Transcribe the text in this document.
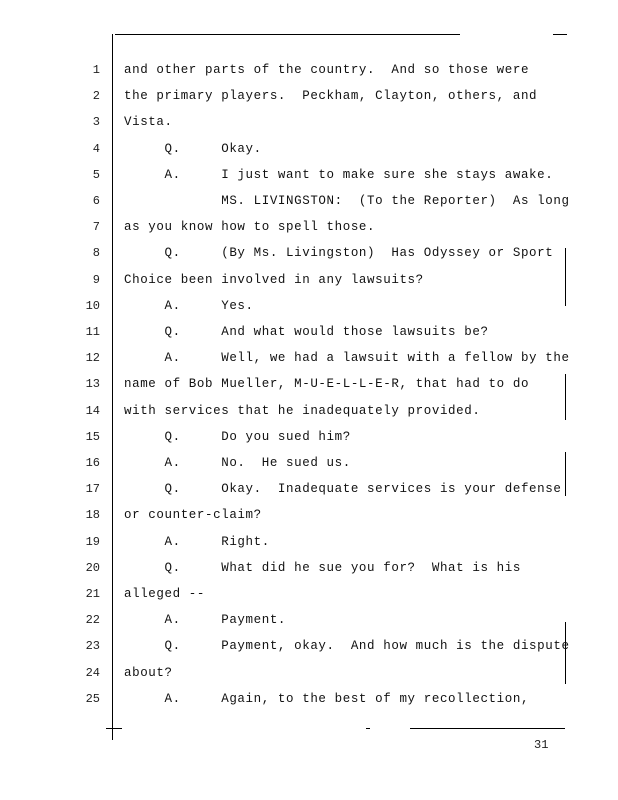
1 and other parts of the country.  And so those were
2 the primary players.  Peckham, Clayton, others, and
3 Vista.
4 Q.     Okay.
5 A.     I just want to make sure she stays awake.
6 MS. LIVINGSTON:  (To the Reporter)  As long
7 as you know how to spell those.
8 Q.     (By Ms. Livingston)  Has Odyssey or Sport
9 Choice been involved in any lawsuits?
10 A.     Yes.
11 Q.     And what would those lawsuits be?
12 A.     Well, we had a lawsuit with a fellow by the
13 name of Bob Mueller, M-U-E-L-L-E-R, that had to do
14 with services that he inadequately provided.
15 Q.     Do you sued him?
16 A.     No.  He sued us.
17 Q.     Okay.  Inadequate services is your defense
18 or counter-claim?
19 A.     Right.
20 Q.     What did he sue you for?  What is his
21 alleged --
22 A.     Payment.
23 Q.     Payment, okay.  And how much is the dispute
24 about?
25 A.     Again, to the best of my recollection,
31
